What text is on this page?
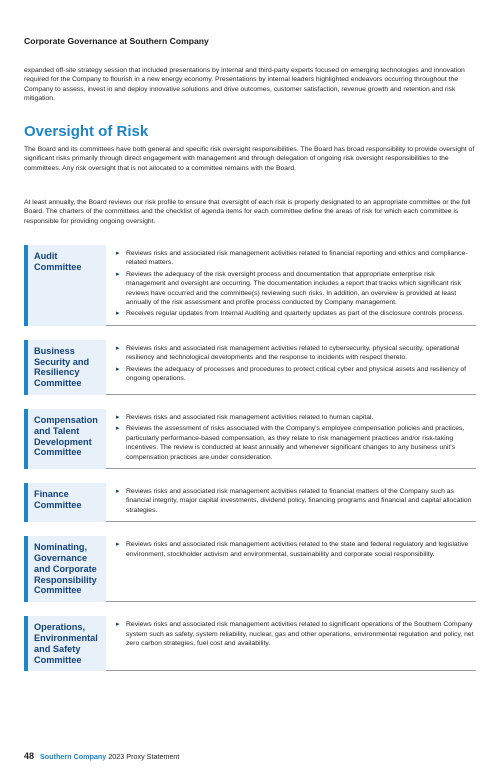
Corporate Governance at Southern Company
expanded off-site strategy session that included presentations by internal and third-party experts focused on emerging technologies and innovation required for the Company to flourish in a new energy economy. Presentations by internal leaders highlighted endeavors occurring throughout the Company to assess, invest in and deploy innovative solutions and drive outcomes, customer satisfaction, revenue growth and retention and risk mitigation.
Oversight of Risk
The Board and its committees have both general and specific risk oversight responsibilities. The Board has broad responsibility to provide oversight of significant risks primarily through direct engagement with management and through delegation of ongoing risk oversight responsibilities to the committees. Any risk oversight that is not allocated to a committee remains with the Board.
At least annually, the Board reviews our risk profile to ensure that oversight of each risk is properly designated to an appropriate committee or the full Board. The charters of the committees and the checklist of agenda items for each committee define the areas of risk for which each committee is responsible for providing ongoing oversight.
Audit
Committee
▸ Reviews risks and associated risk management activities related to financial reporting and ethics and compliance-related matters.
▸ Reviews the adequacy of the risk oversight process and documentation that appropriate enterprise risk management and oversight are occurring. The documentation includes a report that tracks which significant risk reviews have occurred and the committee(s) reviewing such risks. In addition, an overview is provided at least annually of the risk assessment and profile process conducted by Company management.
▸ Receives regular updates from Internal Auditing and quarterly updates as part of the disclosure controls process.
Business
Security and
Resiliency
Committee
▸ Reviews risks and associated risk management activities related to cybersecurity, physical security, operational resiliency and technological developments and the response to incidents with respect thereto.
▸ Reviews the adequacy of processes and procedures to protect critical cyber and physical assets and resiliency of ongoing operations.
Compensation
and Talent
Development
Committee
▸ Reviews risks and associated risk management activities related to human capital.
▸ Reviews the assessment of risks associated with the Company's employee compensation policies and practices, particularly performance-based compensation, as they relate to risk management practices and/or risk-taking incentives. The review is conducted at least annually and whenever significant changes to any business unit's compensation practices are under consideration.
Finance
Committee
▸ Reviews risks and associated risk management activities related to financial matters of the Company such as financial integrity, major capital investments, dividend policy, financing programs and financial and capital allocation strategies.
Nominating,
Governance
and Corporate
Responsibility
Committee
▸ Reviews risks and associated risk management activities related to the state and federal regulatory and legislative environment, stockholder activism and environmental, sustainability and corporate social responsibility.
Operations,
Environmental
and Safety
Committee
▸ Reviews risks and associated risk management activities related to significant operations of the Southern Company system such as safety, system reliability, nuclear, gas and other operations, environmental regulation and policy, net zero carbon strategies, fuel cost and availability.
48 Southern Company 2023 Proxy Statement
